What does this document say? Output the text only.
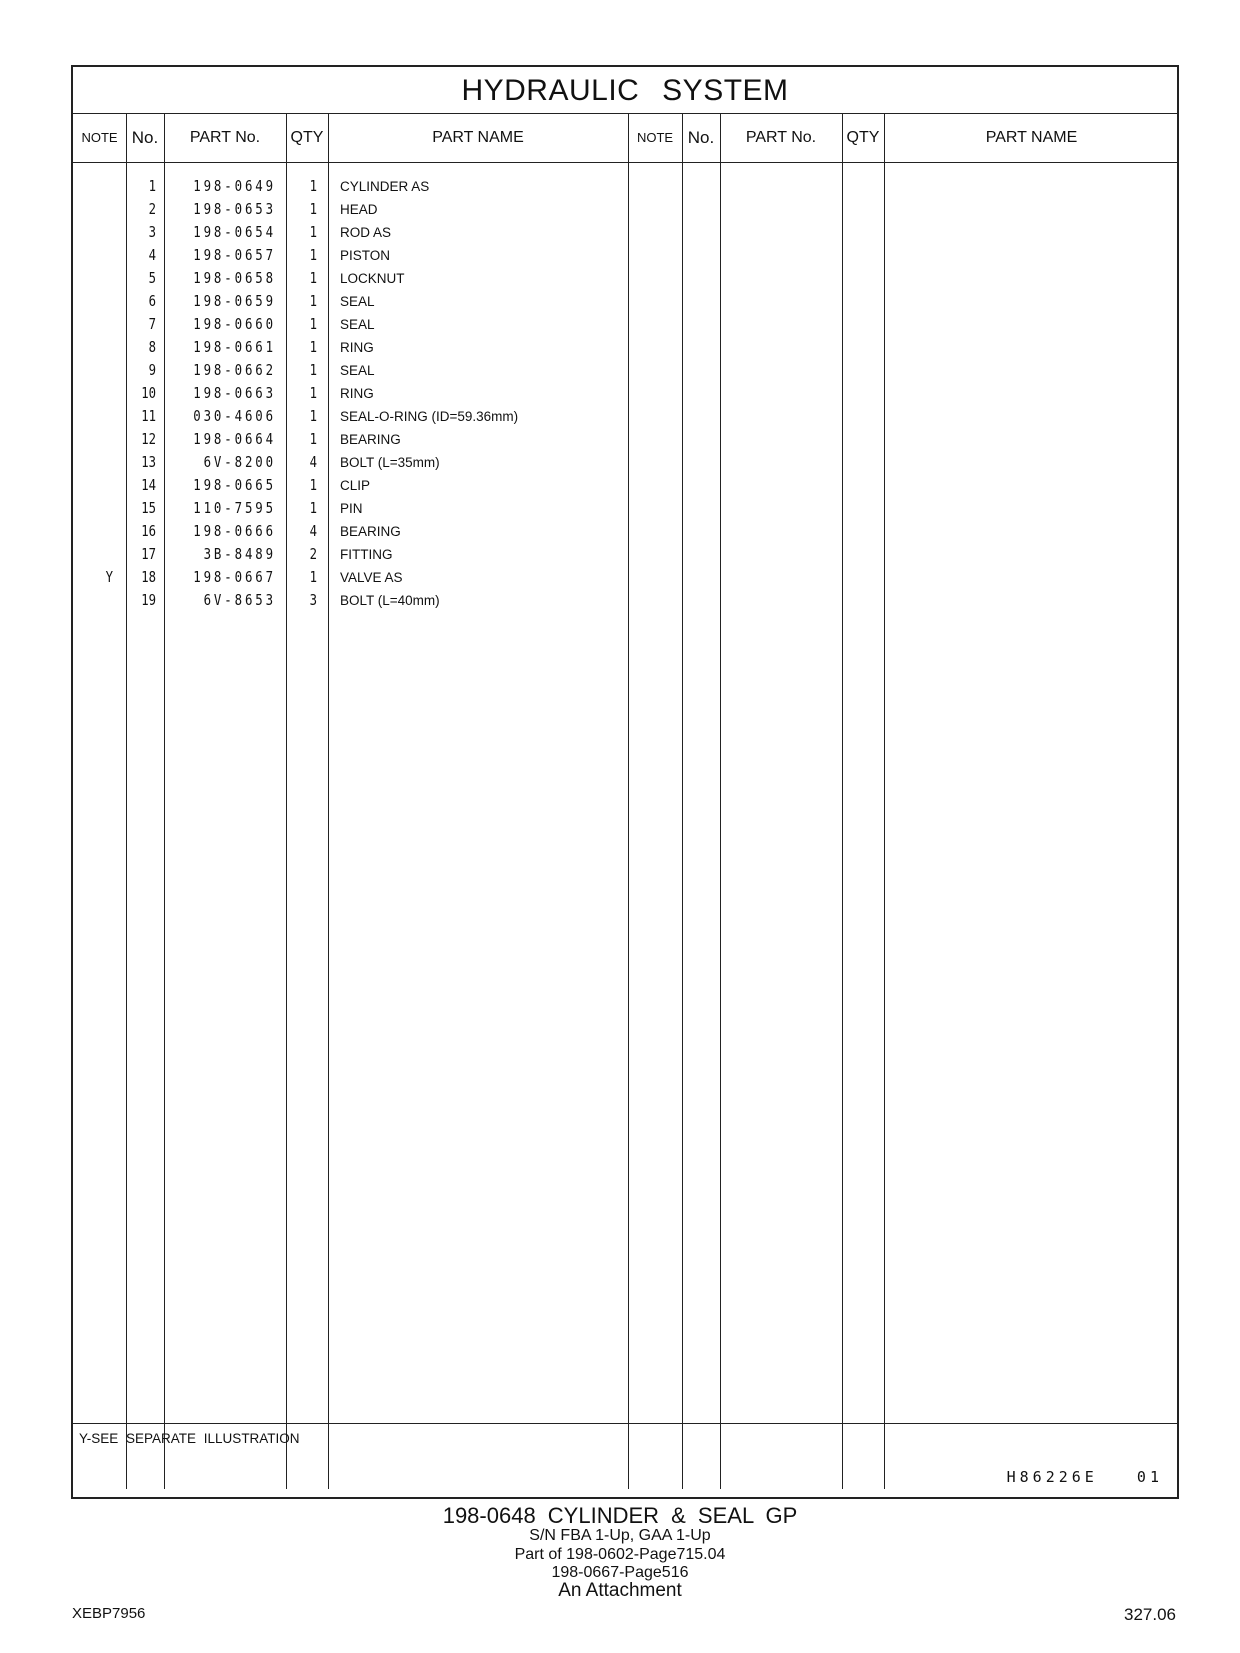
HYDRAULIC SYSTEM
NOTE No.	PART No.	QTY	PART NAME	NOTE No.	PART No.	QTY	PART NAME
Y-SEE SEPARATE ILLUSTRATION
H86226E   01
1 198-0649	1 CYLINDER AS
2 198-0653	1 HEAD
3 198-0654	1 ROD AS
4 198-0657	1 PISTON
5 198-0658	1 LOCKNUT
6 198-0659	1 SEAL
7 198-0660	1 SEAL
8 198-0661	1 RING
9 198-0662	1 SEAL
10 198-0663	1 RING
11 030-4606	1 SEAL-O-RING (ID=59.36mm)
12 198-0664	1 BEARING
13	6V-8200	4 BOLT (L=35mm)
14 198-0665	1 CLIP
15 110-7595	1 PIN
16 198-0666	4 BEARING
17	3B-8489	2 FITTING
Y	18 198-0667	1 VALVE AS
19	6V-8653	3 BOLT (L=40mm)
198-0648 CYLINDER & SEAL GP
S/N FBA 1-Up, GAA 1-Up
Part of 198-0602-Page715.04
198-0667-Page516
An Attachment
XEBP7956	327.06
